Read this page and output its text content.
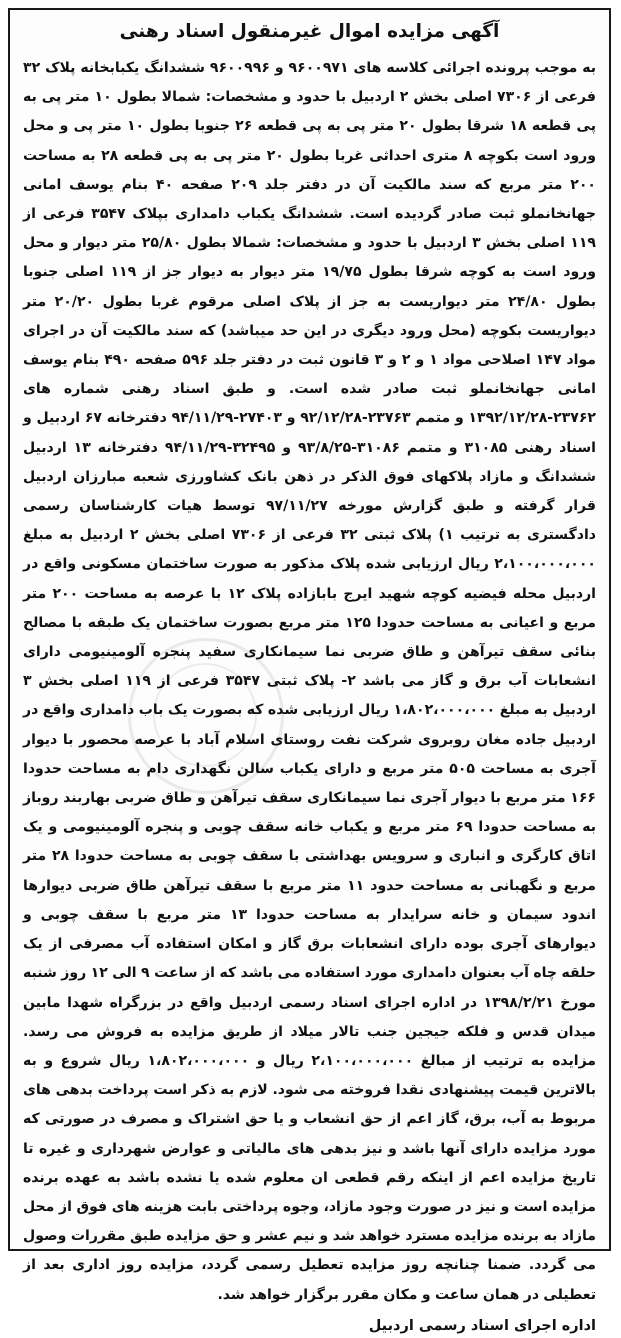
آگهی مزایده اموال غیرمنقول اسناد رهنی

به موجب پرونده اجرائی کلاسه های ۹۶۰۰۹۷۱ و ۹۶۰۰۹۹۶ ششدانگ یکبابخانه پلاک ۳۲ فرعی از ۷۳۰۶ اصلی بخش ۲ اردبیل با حدود و مشخصات: شمالا بطول ۱۰ متر پی به پی قطعه ۱۸ شرقا بطول ۲۰ متر پی به پی قطعه ۲۶ جنوبا بطول ۱۰ متر پی و محل ورود است بکوچه ۸ متری احداثی غربا بطول ۲۰ متر پی به پی قطعه ۲۸ به مساحت ۲۰۰ متر مربع که سند مالکیت آن در دفتر جلد ۲۰۹ صفحه ۴۰ بنام یوسف امانی جهانخانملو ثبت صادر گردیده است. ششدانگ یکباب دامداری بپلاک ۳۵۴۷ فرعی از ۱۱۹ اصلی بخش ۳ اردبیل با حدود و مشخصات: شمالا بطول ۲۵/۸۰ متر دیوار و محل ورود است به کوچه شرقا بطول ۱۹/۷۵ متر دیوار به دیوار جز از ۱۱۹ اصلی جنوبا بطول ۲۴/۸۰ متر دیواریست به جز از پلاک اصلی مرقوم غربا بطول ۲۰/۲۰ متر دیواریست بکوچه (محل ورود دیگری در این حد میباشد) که سند مالکیت آن در اجرای مواد ۱۴۷ اصلاحی مواد ۱ و ۲ و ۳ قانون ثبت در دفتر جلد ۵۹۶ صفحه ۴۹۰ بنام یوسف امانی جهانخانملو ثبت صادر شده است. و طبق اسناد رهنی شماره های ۲۳۷۶۲-۱۳۹۲/۱۲/۲۸ و متمم ۲۳۷۶۳-۹۲/۱۲/۲۸ و ۲۷۴۰۳-۹۴/۱۱/۲۹ دفترخانه ۶۷ اردبیل و اسناد رهنی ۳۱۰۸۵ و متمم ۳۱۰۸۶-۹۳/۸/۲۵ و ۳۲۴۹۵-۹۴/۱۱/۲۹ دفترخانه ۱۳ اردبیل ششدانگ و مازاد پلاکهای فوق الذکر در ذهن بانک کشاورزی شعبه مبارزان اردبیل قرار گرفته و طبق گزارش مورخه ۹۷/۱۱/۲۷ توسط هیات کارشناسان رسمی دادگستری به ترتیب ۱) پلاک ثبتی ۳۲ فرعی از ۷۳۰۶ اصلی بخش ۲ اردبیل به مبلغ ۲،۱۰۰،۰۰۰،۰۰۰ ریال ارزیابی شده پلاک مذکور به صورت ساختمان مسکونی واقع در اردبیل محله فیضیه کوچه شهید ایرج بابازاده پلاک ۱۲ با عرصه به مساحت ۲۰۰ متر مربع و اعیانی به مساحت حدودا ۱۲۵ متر مربع بصورت ساختمان یک طبقه با مصالح بنائی سقف تیرآهن و طاق ضربی نما سیمانکاری سفید پنجره آلومینیومی دارای انشعابات آب برق و گاز می باشد ۲- پلاک ثبتی ۳۵۴۷ فرعی از ۱۱۹ اصلی بخش ۳ اردبیل به مبلغ ۱،۸۰۲،۰۰۰،۰۰۰ ریال ارزیابی شده که بصورت یک باب دامداری واقع در اردبیل جاده مغان روبروی شرکت نفت روستای اسلام آباد با عرصه محصور با دیوار آجری به مساحت ۵۰۵ متر مربع و دارای یکباب سالن نگهداری دام به مساحت حدودا ۱۶۶ متر مربع با دیوار آجری نما سیمانکاری سقف تیرآهن و طاق ضربی بهاربند روباز به مساحت حدودا ۶۹ متر مربع و یکباب خانه سقف چوبی و پنجره آلومینیومی و یک اتاق کارگری و انباری و سرویس بهداشتی با سقف چوبی به مساحت حدودا ۲۸ متر مربع و نگهبانی به مساحت حدود ۱۱ متر مربع با سقف تیرآهن طاق ضربی دیوارها اندود سیمان و خانه سرایدار به مساحت حدودا ۱۳ متر مربع با سقف چوبی و دیوارهای آجری بوده دارای انشعابات برق گاز و امکان استفاده آب مصرفی از یک حلقه چاه آب بعنوان دامداری مورد استفاده می باشد که از ساعت ۹ الی ۱۲ روز شنبه مورخ ۱۳۹۸/۲/۲۱ در اداره اجرای اسناد رسمی اردبیل واقع در بزرگراه شهدا مابین میدان قدس و فلکه جیجین جنب تالار میلاد از طریق مزایده به فروش می رسد. مزایده به ترتیب از مبالغ ۲،۱۰۰،۰۰۰،۰۰۰ ریال و ۱،۸۰۲،۰۰۰،۰۰۰ ریال شروع و به بالاترین قیمت پیشنهادی نقدا فروخته می شود. لازم به ذکر است پرداخت بدهی های مربوط به آب، برق، گاز اعم از حق انشعاب و یا حق اشتراک و مصرف در صورتی که مورد مزایده دارای آنها باشد و نیز بدهی های مالیاتی و عوارض شهرداری و غیره تا تاریخ مزایده اعم از اینکه رقم قطعی ان معلوم شده یا نشده باشد به عهده برنده مزایده است و نیز در صورت وجود مازاد، وجوه پرداختی بابت هزینه های فوق از محل مازاد به برنده مزایده مسترد خواهد شد و نیم عشر و حق مزایده طبق مقررات وصول می گردد. ضمنا چنانچه روز مزایده تعطیل رسمی گردد، مزایده روز اداری بعد از تعطیلی در همان ساعت و مکان مقرر برگزار خواهد شد.

اداره اجرای اسناد رسمی اردبیل
